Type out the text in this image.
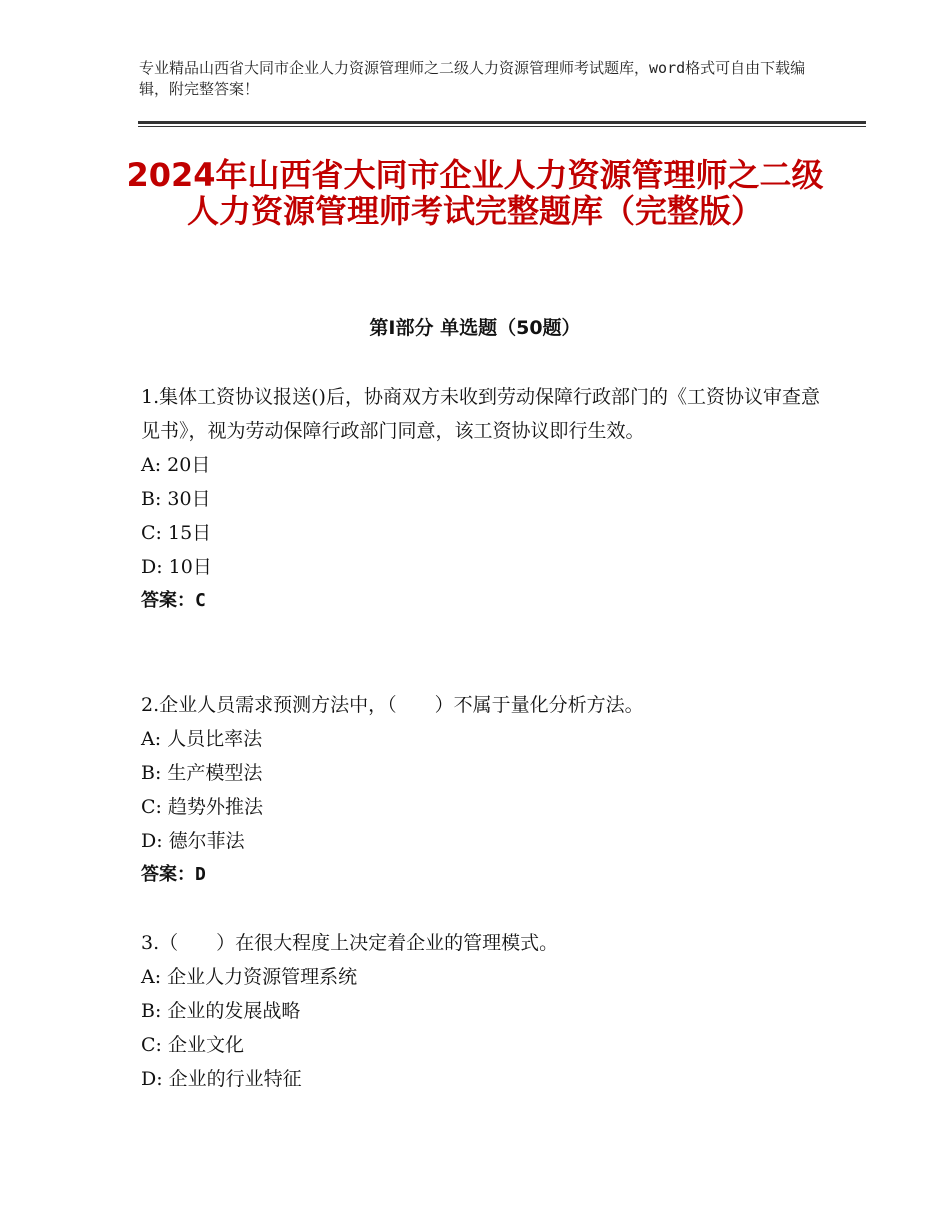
专业精品山西省大同市企业人力资源管理师之二级人力资源管理师考试题库，word格式可自由下载编辑，附完整答案！
2024年山西省大同市企业人力资源管理师之二级人力资源管理师考试完整题库（完整版）
第Ⅰ部分 单选题（50题）

1.集体工资协议报送()后，协商双方未收到劳动保障行政部门的《工资协议审查意见书》，视为劳动保障行政部门同意，该工资协议即行生效。

A: 20日

B: 30日

C: 15日

D: 10日

答案：C

2.企业人员需求预测方法中，（　　）不属于量化分析方法。

A: 人员比率法

B: 生产模型法

C: 趋势外推法

D: 德尔菲法

答案：D

3.（　　）在很大程度上决定着企业的管理模式。

A: 企业人力资源管理系统

B: 企业的发展战略

C: 企业文化

D: 企业的行业特征
